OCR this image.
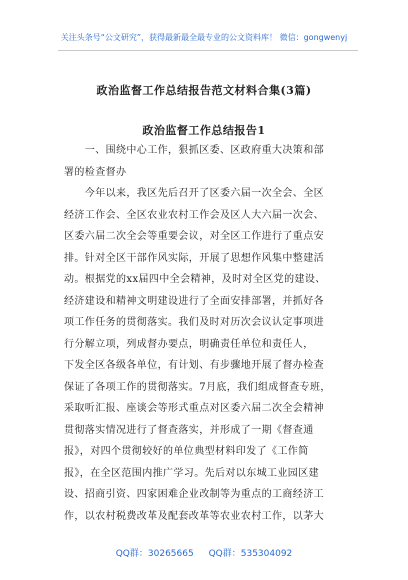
关注头条号“公文研究”，获得最新最全最专业的公文资料库！ 微信：gongwenyj
政治监督工作总结报告范文材料合集(3篇)
政治监督工作总结报告1
　　一、围绕中心工作，狠抓区委、区政府重大决策和部
署的检查督办
　　今年以来，我区先后召开了区委六届一次全会、全区
经济工作会、全区农业农村工作会及区人大六届一次会、
区委六届二次全会等重要会议，对全区工作进行了重点安
排。针对全区干部作风实际，开展了思想作风集中整建活
动。根据党的xx届四中全会精神，及时对全区党的建设、
经济建设和精神文明建设进行了全面安排部署，并抓好各
项工作任务的贯彻落实。我们及时对历次会议认定事项进
行分解立项，列成督办要点，明确责任单位和责任人，
下发全区各级各单位，有计划、有步骤地开展了督办检查
保证了各项工作的贯彻落实。7月底，我们组成督查专班，
采取听汇报、座谈会等形式重点对区委六届二次全会精神
贯彻落实情况进行了督查落实，并形成了一期《督查通
报》，对四个贯彻较好的单位典型材料印发了《工作简
报》，在全区范围内推广学习。先后对以东城工业园区建
设、招商引资、四家困难企业改制等为重点的工商经济工
作，以农村税费改革及配套改革等农业农村工作，以茅大
QQ群：30265665 QQ群：535304092
